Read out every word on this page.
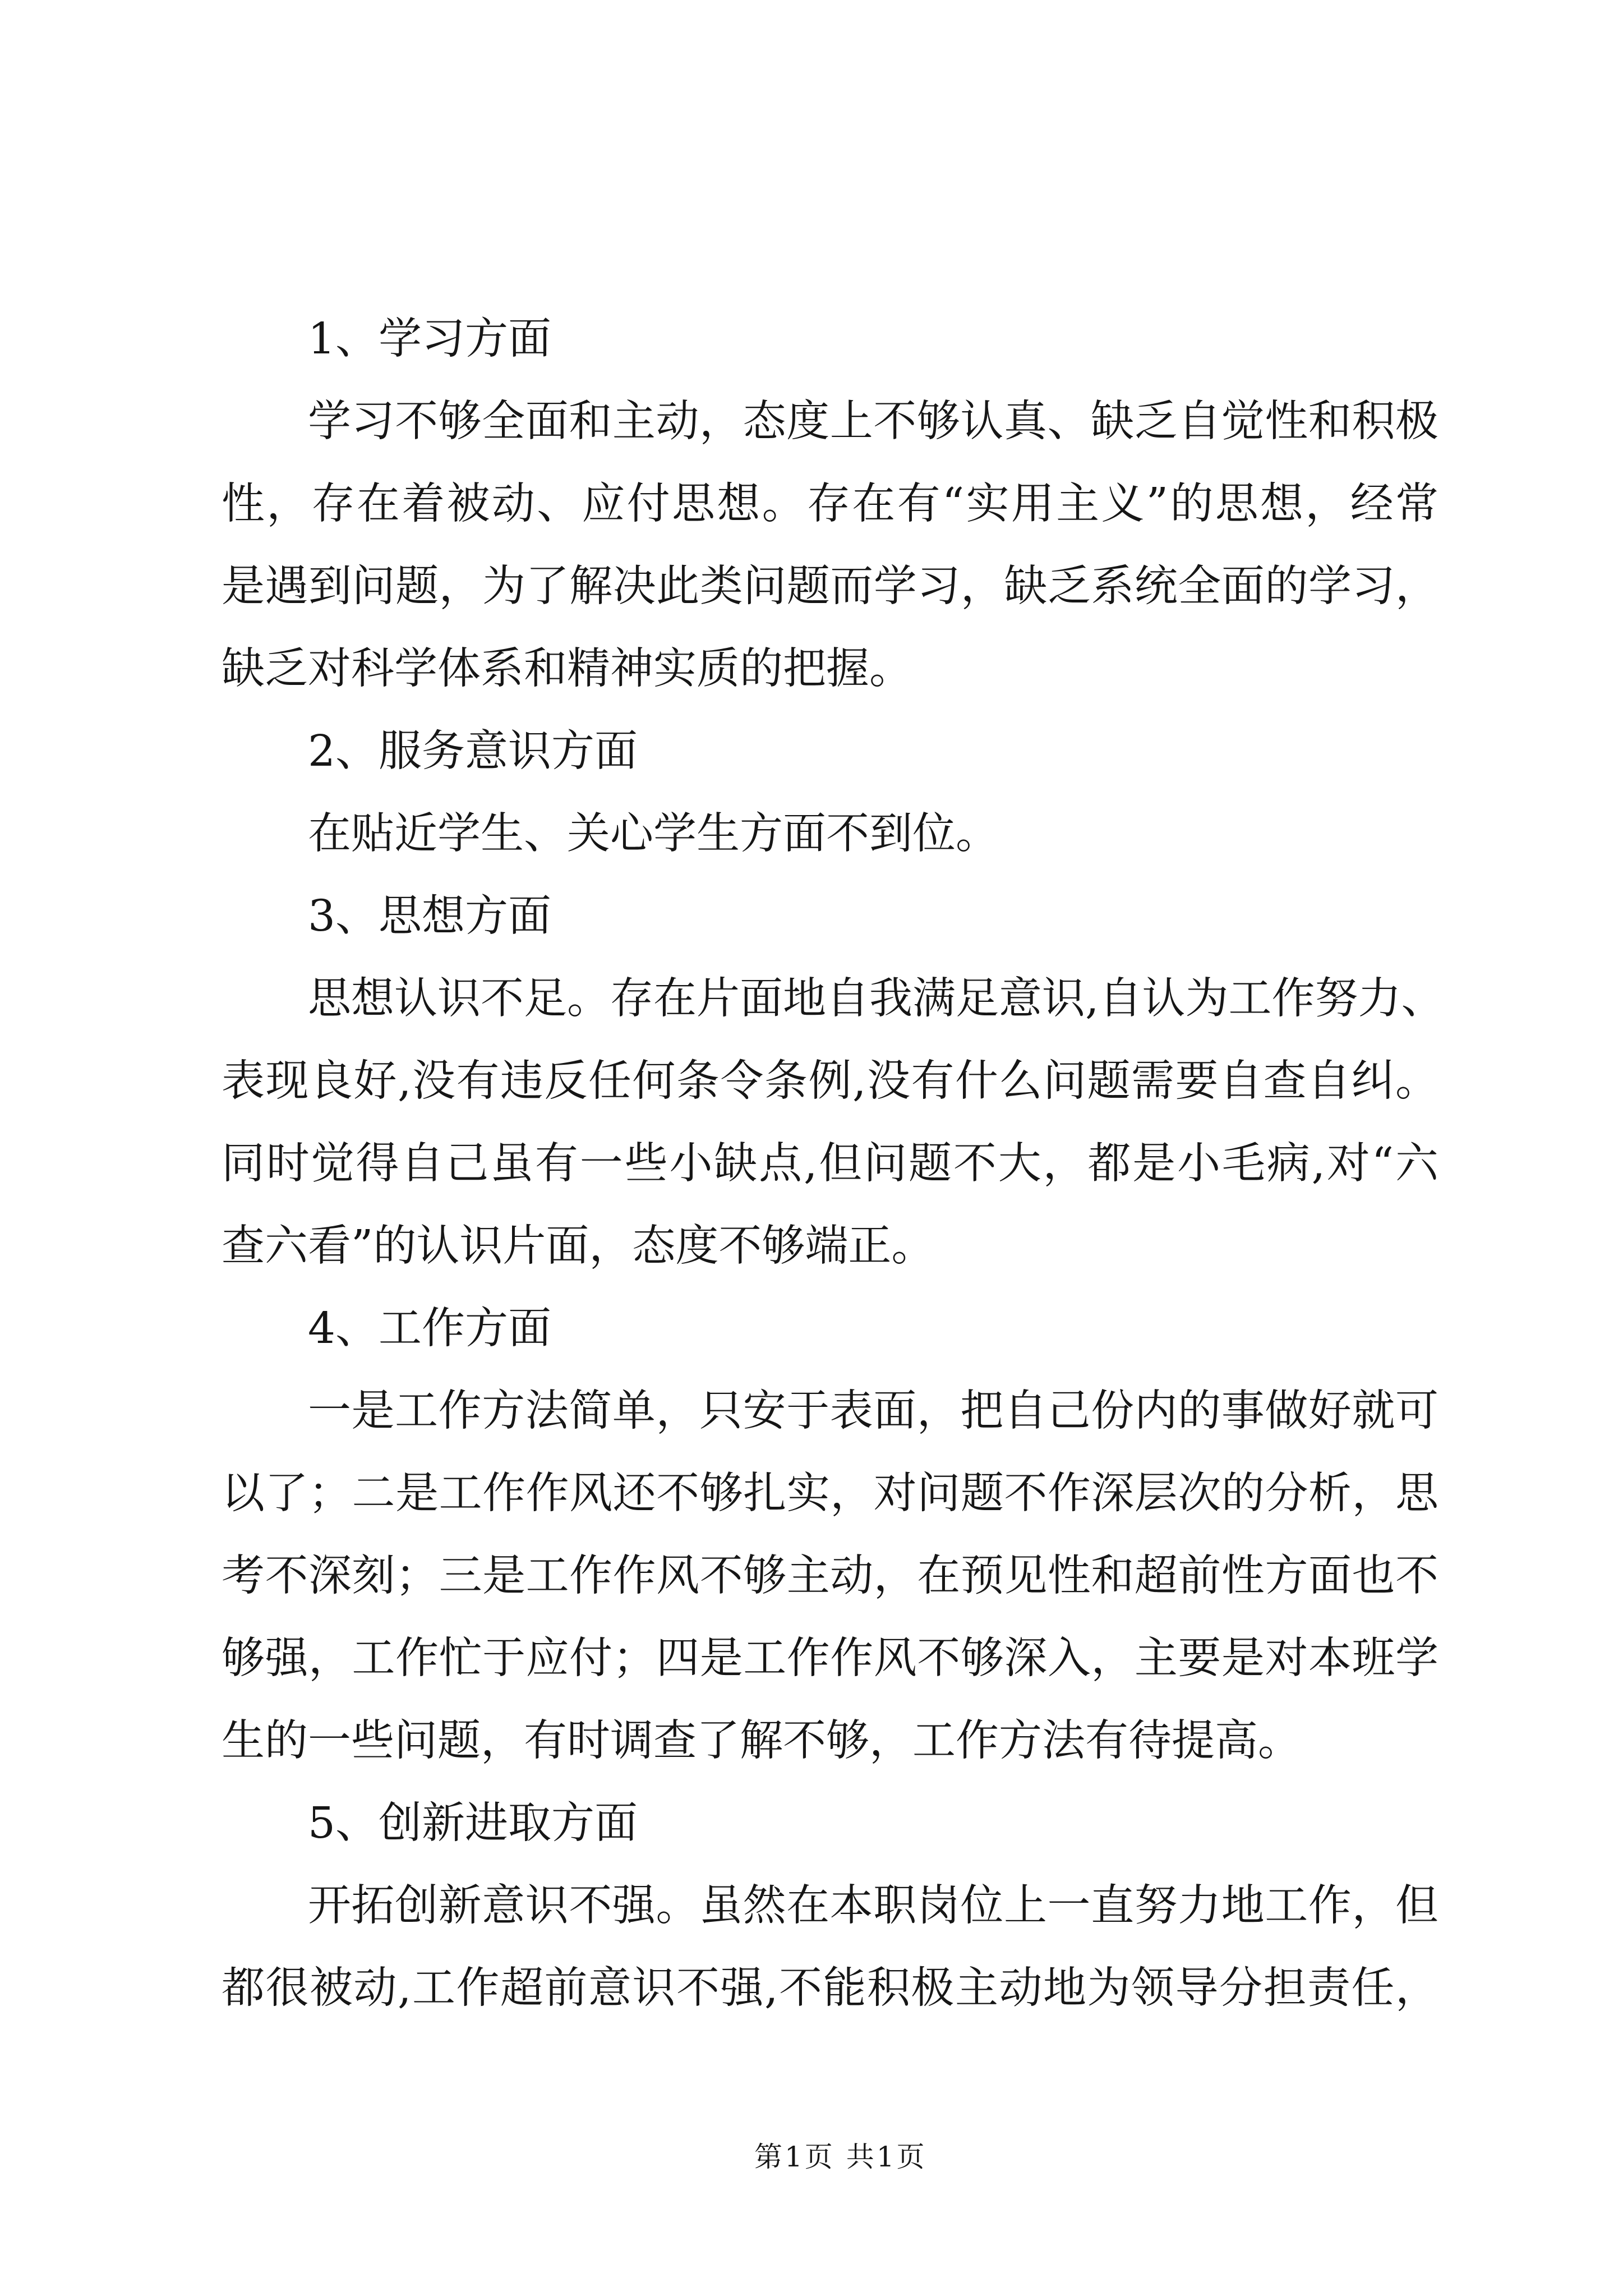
1、学习方面
学习不够全面和主动，态度上不够认真、缺乏自觉性和积极
性，存在着被动、应付思想。存在有“实用主义”的思想，经常
是遇到问题，为了解决此类问题而学习，缺乏系统全面的学习，
缺乏对科学体系和精神实质的把握。
2、服务意识方面
在贴近学生、关心学生方面不到位。
3、思想方面
思想认识不足。存在片面地自我满足意识,自认为工作努力、
表现良好,没有违反任何条令条例,没有什么问题需要自查自纠。
同时觉得自己虽有一些小缺点,但问题不大，都是小毛病,对“六
查六看”的认识片面，态度不够端正。
4、工作方面
一是工作方法简单，只安于表面，把自己份内的事做好就可
以了；二是工作作风还不够扎实，对问题不作深层次的分析，思
考不深刻；三是工作作风不够主动，在预见性和超前性方面也不
够强，工作忙于应付；四是工作作风不够深入，主要是对本班学
生的一些问题，有时调查了解不够，工作方法有待提高。
5、创新进取方面
开拓创新意识不强。虽然在本职岗位上一直努力地工作，但
都很被动,工作超前意识不强,不能积极主动地为领导分担责任，
第1页 共1页
